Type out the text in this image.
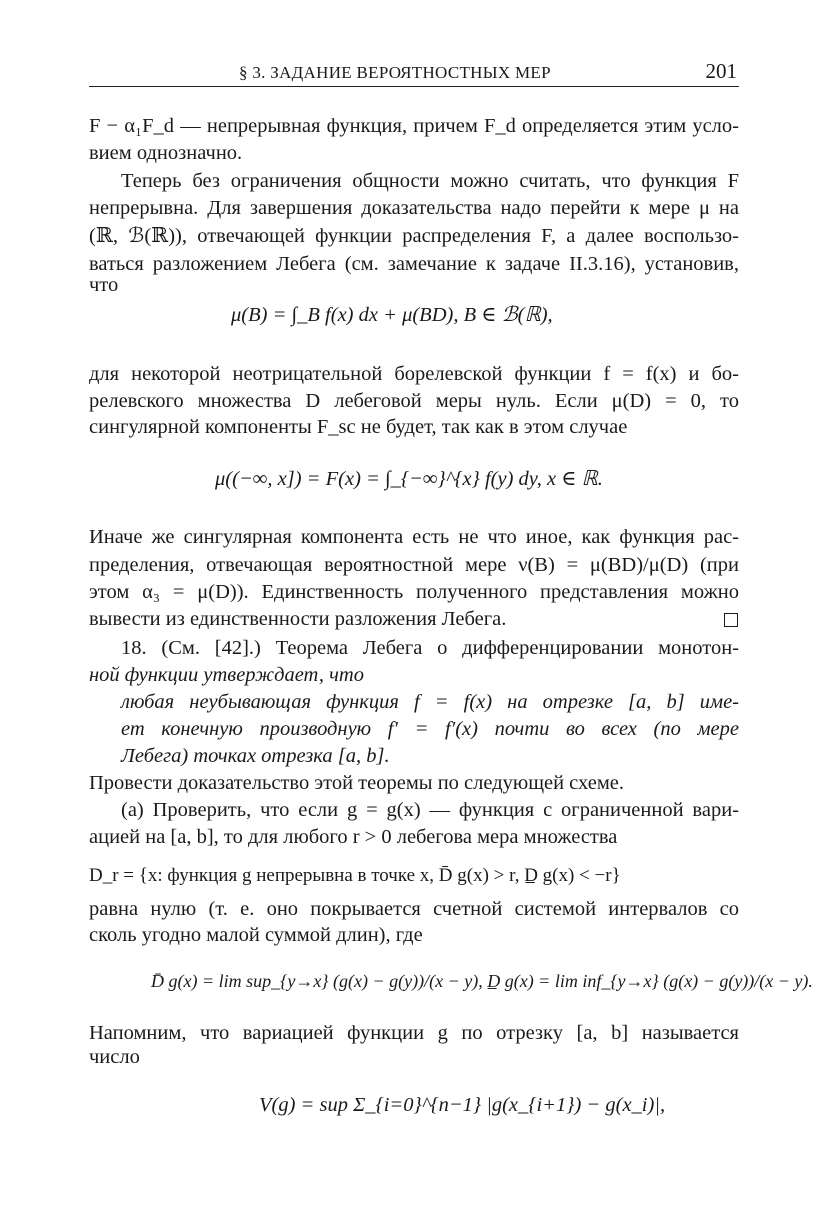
§ 3. ЗАДАНИЕ ВЕРОЯТНОСТНЫХ МЕР	201
F − α₁F_d — непрерывная функция, причем F_d определяется этим усло-
вием однозначно.
Теперь без ограничения общности можно считать, что функция F
непрерывна. Для завершения доказательства надо перейти к мере μ на
(ℝ, ℬ(ℝ)), отвечающей функции распределения F, а далее воспользо-
ваться разложением Лебега (см. замечание к задаче II.3.16), установив,
что
μ(B) = ∫_B f(x) dx + μ(BD), B ∈ ℬ(ℝ),
для некоторой неотрицательной борелевской функции f = f(x) и бо-
релевского множества D лебеговой меры нуль. Если μ(D) = 0, то
сингулярной компоненты F_sc не будет, так как в этом случае
μ((−∞, x]) = F(x) = ∫_{−∞}^{x} f(y) dy, x ∈ ℝ.
Иначе же сингулярная компонента есть не что иное, как функция рас-
пределения, отвечающая вероятностной мере ν(B) = μ(BD)/μ(D) (при
этом α₃ = μ(D)). Единственность полученного представления можно
вывести из единственности разложения Лебега.
18. (См. [42].) Теорема Лебега о дифференцировании монотон-
ной функции утверждает, что
любая неубывающая функция f = f(x) на отрезке [a, b] име-
ет конечную производную f′ = f′(x) почти во всех (по мере
Лебега) точках отрезка [a, b].
Провести доказательство этой теоремы по следующей схеме.
(a) Проверить, что если g = g(x) — функция с ограниченной вари-
ацией на [a, b], то для любого r > 0 лебегова мера множества
D_r = {x: функция g непрерывна в точке x, D̄ g(x) > r, D̲ g(x) < −r}
равна нулю (т. е. оно покрывается счетной системой интервалов со
сколь угодно малой суммой длин), где
D̄ g(x) = lim sup_{y→x} (g(x) − g(y))/(x − y), D̲ g(x) = lim inf_{y→x} (g(x) − g(y))/(x − y).
Напомним, что вариацией функции g по отрезку [a, b] называется
число
V(g) = sup Σ_{i=0}^{n−1} |g(x_{i+1}) − g(x_i)|,
